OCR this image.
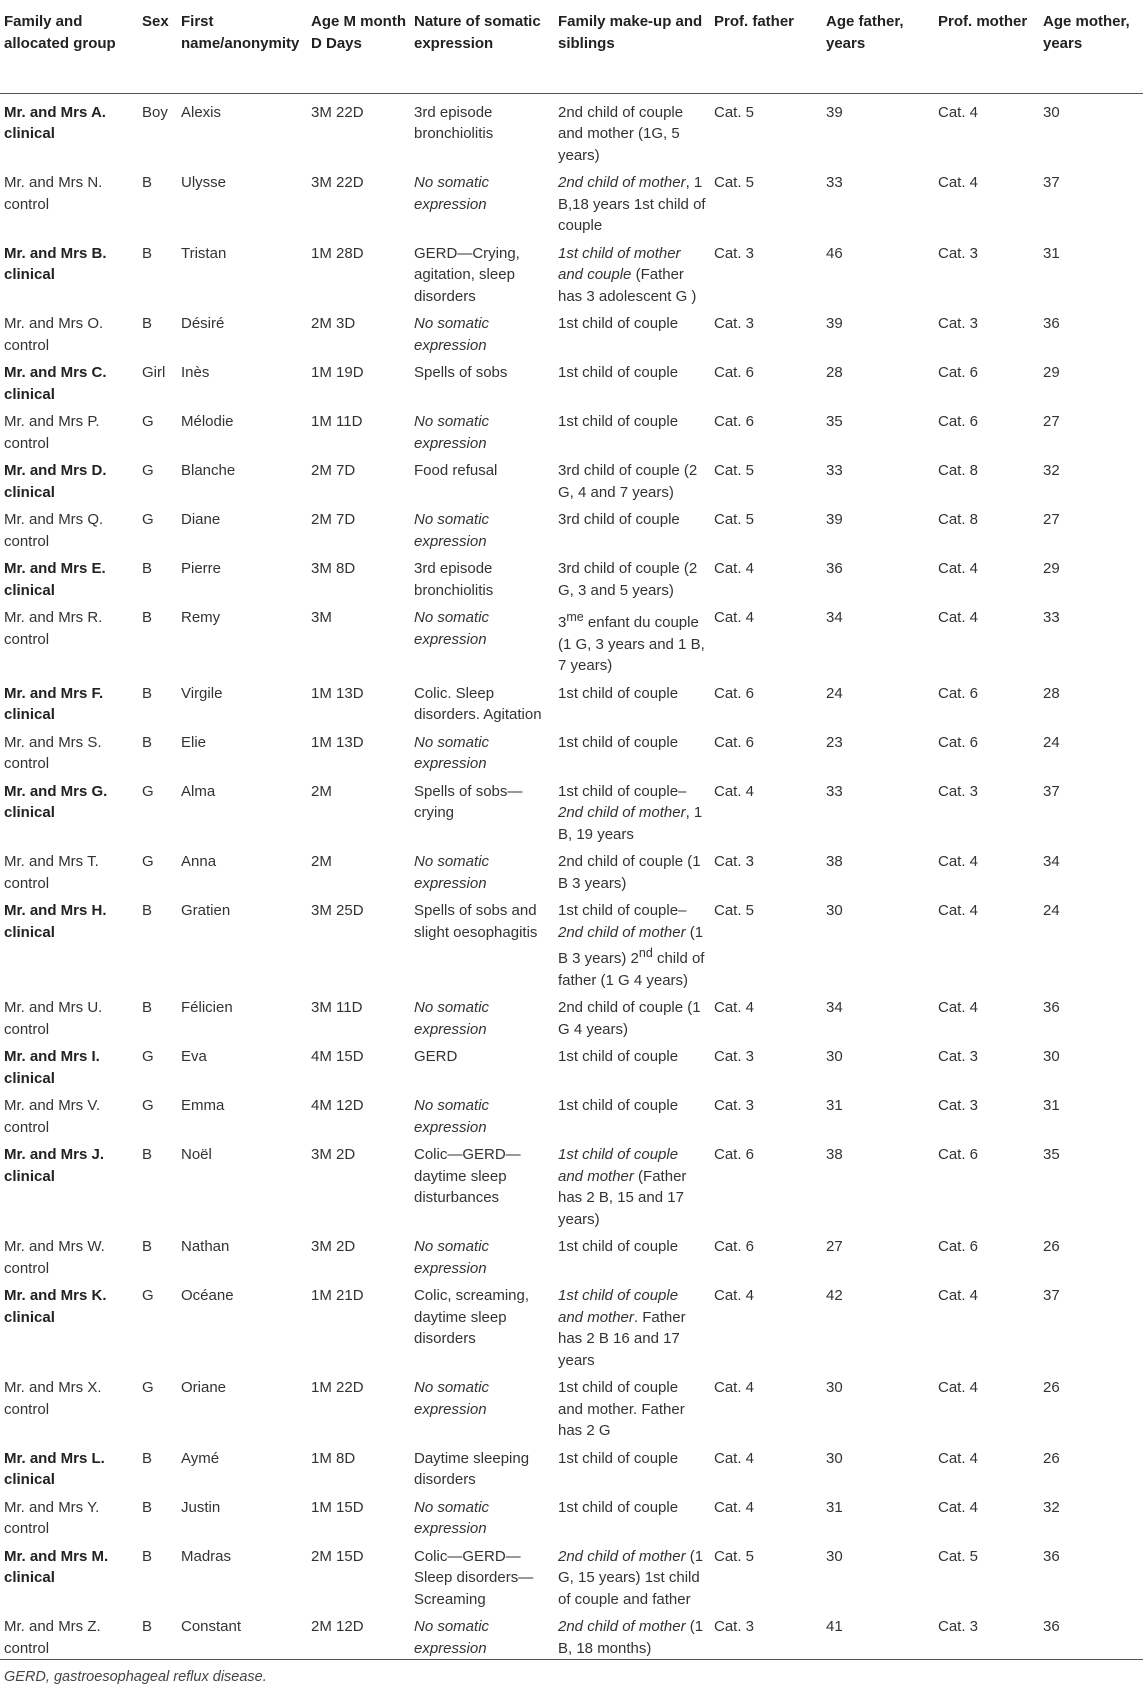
Family and allocated group	Sex	First name/anonymity	Age M month D Days	Nature of somatic expression	Family make-up and siblings	Prof. father	Age father, years	Prof. mother	Age mother, years
Mr. and Mrs A. clinical	Boy	Alexis	3M 22D	3rd episode bronchiolitis	2nd child of couple and mother (1G, 5 years)	Cat. 5	39	Cat. 4	30
Mr. and Mrs N. control	B	Ulysse	3M 22D	No somatic expression	2nd child of mother, 1 B,18 years 1st child of couple	Cat. 5	33	Cat. 4	37
Mr. and Mrs B. clinical	B	Tristan	1M 28D	GERD—Crying, agitation, sleep disorders	1st child of mother and couple (Father has 3 adolescent G )	Cat. 3	46	Cat. 3	31
Mr. and Mrs O. control	B	Désiré	2M 3D	No somatic expression	1st child of couple	Cat. 3	39	Cat. 3	36
Mr. and Mrs C. clinical	Girl	Inès	1M 19D	Spells of sobs	1st child of couple	Cat. 6	28	Cat. 6	29
Mr. and Mrs P. control	G	Mélodie	1M 11D	No somatic expression	1st child of couple	Cat. 6	35	Cat. 6	27
Mr. and Mrs D. clinical	G	Blanche	2M 7D	Food refusal	3rd child of couple (2 G, 4 and 7 years)	Cat. 5	33	Cat. 8	32
Mr. and Mrs Q. control	G	Diane	2M 7D	No somatic expression	3rd child of couple	Cat. 5	39	Cat. 8	27
Mr. and Mrs E. clinical	B	Pierre	3M 8D	3rd episode bronchiolitis	3rd child of couple (2 G, 3 and 5 years)	Cat. 4	36	Cat. 4	29
Mr. and Mrs R. control	B	Remy	3M	No somatic expression	$3^{me}$ enfant du couple (1 G, 3 years and 1 B, 7 years)	Cat. 4	34	Cat. 4	33
Mr. and Mrs F. clinical	B	Virgile	1M 13D	Colic. Sleep disorders. Agitation	1st child of couple	Cat. 6	24	Cat. 6	28
Mr. and Mrs S. control	B	Elie	1M 13D	No somatic expression	1st child of couple	Cat. 6	23	Cat. 6	24
Mr. and Mrs G. clinical	G	Alma	2M	Spells of sobs—crying	1st child of couple–2nd child of mother, 1 B, 19 years	Cat. 4	33	Cat. 3	37
Mr. and Mrs T. control	G	Anna	2M	No somatic expression	2nd child of couple (1 B 3 years)	Cat. 3	38	Cat. 4	34
Mr. and Mrs H. clinical	B	Gratien	3M 25D	Spells of sobs and slight oesophagitis	1st child of couple–2nd child of mother (1 B 3 years) 2nd child of father (1 G 4 years)	Cat. 5	30	Cat. 4	24
Mr. and Mrs U. control	B	Félicien	3M 11D	No somatic expression	2nd child of couple (1 G 4 years)	Cat. 4	34	Cat. 4	36
Mr. and Mrs I. clinical	G	Eva	4M 15D	GERD	1st child of couple	Cat. 3	30	Cat. 3	30
Mr. and Mrs V. control	G	Emma	4M 12D	No somatic expression	1st child of couple	Cat. 3	31	Cat. 3	31
Mr. and Mrs J. clinical	B	Noël	3M 2D	Colic—GERD—daytime sleep disturbances	1st child of couple and mother (Father has 2 B, 15 and 17 years)	Cat. 6	38	Cat. 6	35
Mr. and Mrs W. control	B	Nathan	3M 2D	No somatic expression	1st child of couple	Cat. 6	27	Cat. 6	26
Mr. and Mrs K. clinical	G	Océane	1M 21D	Colic, screaming, daytime sleep disorders	1st child of couple and mother. Father has 2 B 16 and 17 years	Cat. 4	42	Cat. 4	37
Mr. and Mrs X. control	G	Oriane	1M 22D	No somatic expression	1st child of couple and mother. Father has 2 G	Cat. 4	30	Cat. 4	26
Mr. and Mrs L. clinical	B	Aymé	1M 8D	Daytime sleeping disorders	1st child of couple	Cat. 4	30	Cat. 4	26
Mr. and Mrs Y. control	B	Justin	1M 15D	No somatic expression	1st child of couple	Cat. 4	31	Cat. 4	32
Mr. and Mrs M. clinical	B	Madras	2M 15D	Colic—GERD—Sleep disorders—Screaming	2nd child of mother (1 G, 15 years) 1st child of couple and father	Cat. 5	30	Cat. 5	36
Mr. and Mrs Z. control	B	Constant	2M 12D	No somatic expression	2nd child of mother (1 B, 18 months)	Cat. 3	41	Cat. 3	36
GERD, gastroesophageal reflux disease.
